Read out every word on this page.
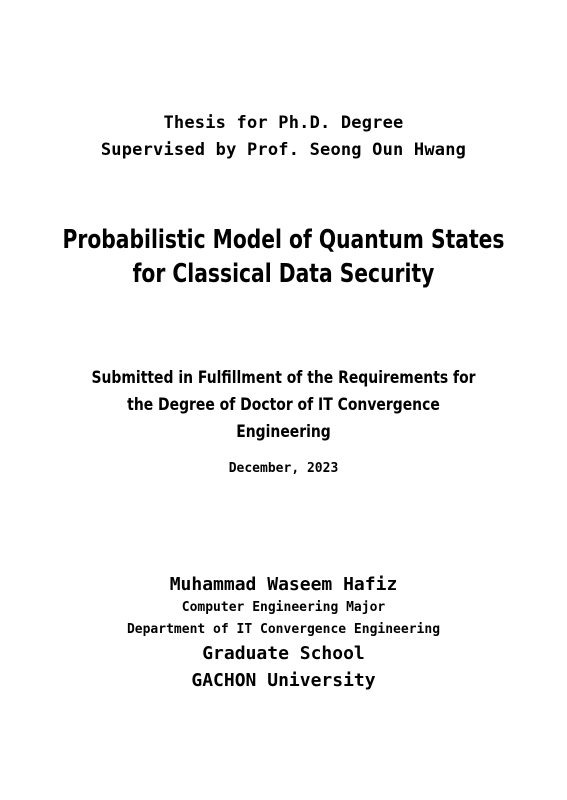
Thesis for Ph.D. Degree
Supervised by Prof. Seong Oun Hwang
Probabilistic Model of Quantum States
for Classical Data Security
Submitted in Fulfillment of the Requirements for
the Degree of Doctor of IT Convergence
Engineering
December, 2023
Muhammad Waseem Hafiz
Computer Engineering Major
Department of IT Convergence Engineering
Graduate School
GACHON University
